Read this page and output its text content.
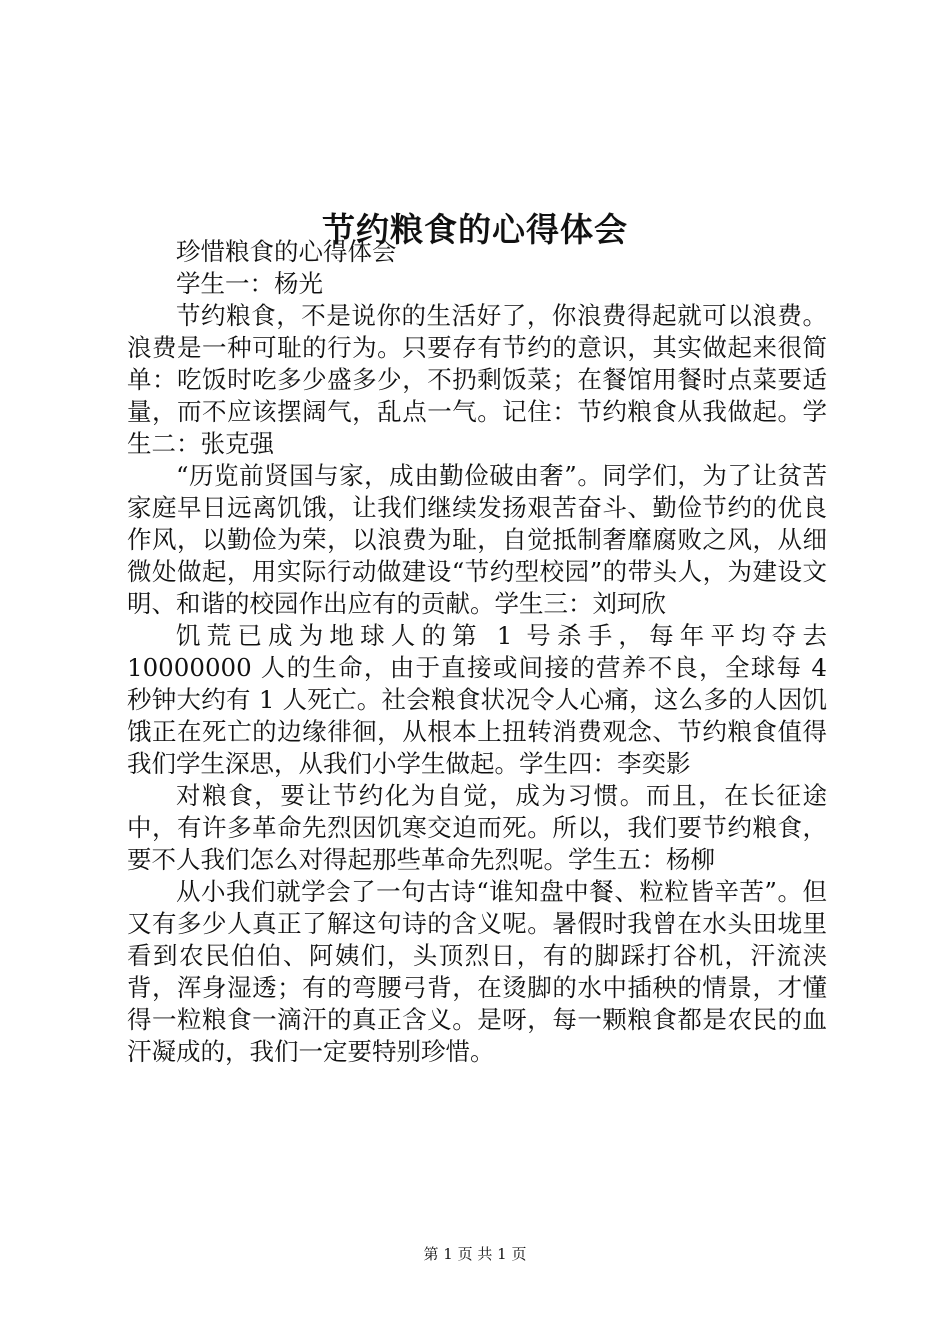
节约粮食的心得体会

珍惜粮食的心得体会

学生一：杨光

节约粮食，不是说你的生活好了，你浪费得起就可以浪费。浪费是一种可耻的行为。只要存有节约的意识，其实做起来很简单：吃饭时吃多少盛多少，不扔剩饭菜；在餐馆用餐时点菜要适量，而不应该摆阔气，乱点一气。记住：节约粮食从我做起。学生二：张克强

“历览前贤国与家，成由勤俭破由奢”。同学们，为了让贫苦家庭早日远离饥饿，让我们继续发扬艰苦奋斗、勤俭节约的优良作风，以勤俭为荣，以浪费为耻，自觉抵制奢靡腐败之风，从细微处做起，用实际行动做建设“节约型校园”的带头人，为建设文明、和谐的校园作出应有的贡献。学生三：刘珂欣

饥荒已成为地球人的第 1 号杀手，每年平均夺去 10000000 人的生命，由于直接或间接的营养不良，全球每 4 秒钟大约有 1 人死亡。社会粮食状况令人心痛，这么多的人因饥饿正在死亡的边缘徘徊，从根本上扭转消费观念、节约粮食值得我们学生深思，从我们小学生做起。学生四：李奕影

对粮食，要让节约化为自觉，成为习惯。而且，在长征途中，有许多革命先烈因饥寒交迫而死。所以，我们要节约粮食，要不人我们怎么对得起那些革命先烈呢。学生五：杨柳

从小我们就学会了一句古诗“谁知盘中餐、粒粒皆辛苦”。但又有多少人真正了解这句诗的含义呢。暑假时我曾在水头田垅里看到农民伯伯、阿姨们，头顶烈日，有的脚踩打谷机，汗流浃背，浑身湿透；有的弯腰弓背，在烫脚的水中插秧的情景，才懂得一粒粮食一滴汗的真正含义。是呀，每一颗粮食都是农民的血汗凝成的，我们一定要特别珍惜。

第 1 页 共 1 页
